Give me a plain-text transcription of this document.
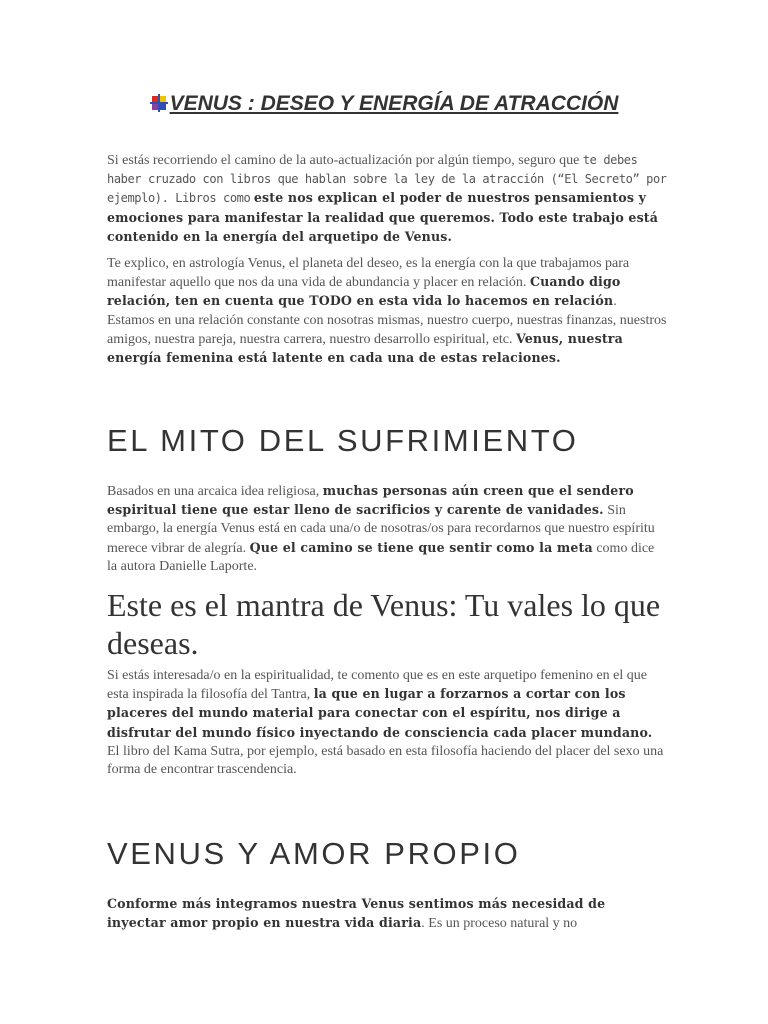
VENUS : DESEO Y ENERGÍA DE ATRACCIÓN

Si estás recorriendo el camino de la auto-actualización por algún tiempo, seguro que te debes haber cruzado con libros que hablan sobre la ley de la atracción (“El Secreto” por ejemplo). Libros como este nos explican el poder de nuestros pensamientos y emociones para manifestar la realidad que queremos. Todo este trabajo está contenido en la energía del arquetipo de Venus.

Te explico, en astrología Venus, el planeta del deseo, es la energía con la que trabajamos para manifestar aquello que nos da una vida de abundancia y placer en relación. Cuando digo relación, ten en cuenta que TODO en esta vida lo hacemos en relación. Estamos en una relación constante con nosotras mismas, nuestro cuerpo, nuestras finanzas, nuestros amigos, nuestra pareja, nuestra carrera, nuestro desarrollo espiritual, etc. Venus, nuestra energía femenina está latente en cada una de estas relaciones.

EL MITO DEL SUFRIMIENTO

Basados en una arcaica idea religiosa, muchas personas aún creen que el sendero espiritual tiene que estar lleno de sacrificios y carente de vanidades. Sin embargo, la energía Venus está en cada una/o de nosotras/os para recordarnos que nuestro espíritu merece vibrar de alegría. Que el camino se tiene que sentir como la meta como dice la autora Danielle Laporte.

Este es el mantra de Venus: Tu vales lo que deseas.

Si estás interesada/o en la espiritualidad, te comento que es en este arquetipo femenino en el que esta inspirada la filosofía del Tantra, la que en lugar a forzarnos a cortar con los placeres del mundo material para conectar con el espíritu, nos dirige a disfrutar del mundo físico inyectando de consciencia cada placer mundano. El libro del Kama Sutra, por ejemplo, está basado en esta filosofía haciendo del placer del sexo una forma de encontrar trascendencia.

VENUS Y AMOR PROPIO

Conforme más integramos nuestra Venus sentimos más necesidad de inyectar amor propio en nuestra vida diaria. Es un proceso natural y no
